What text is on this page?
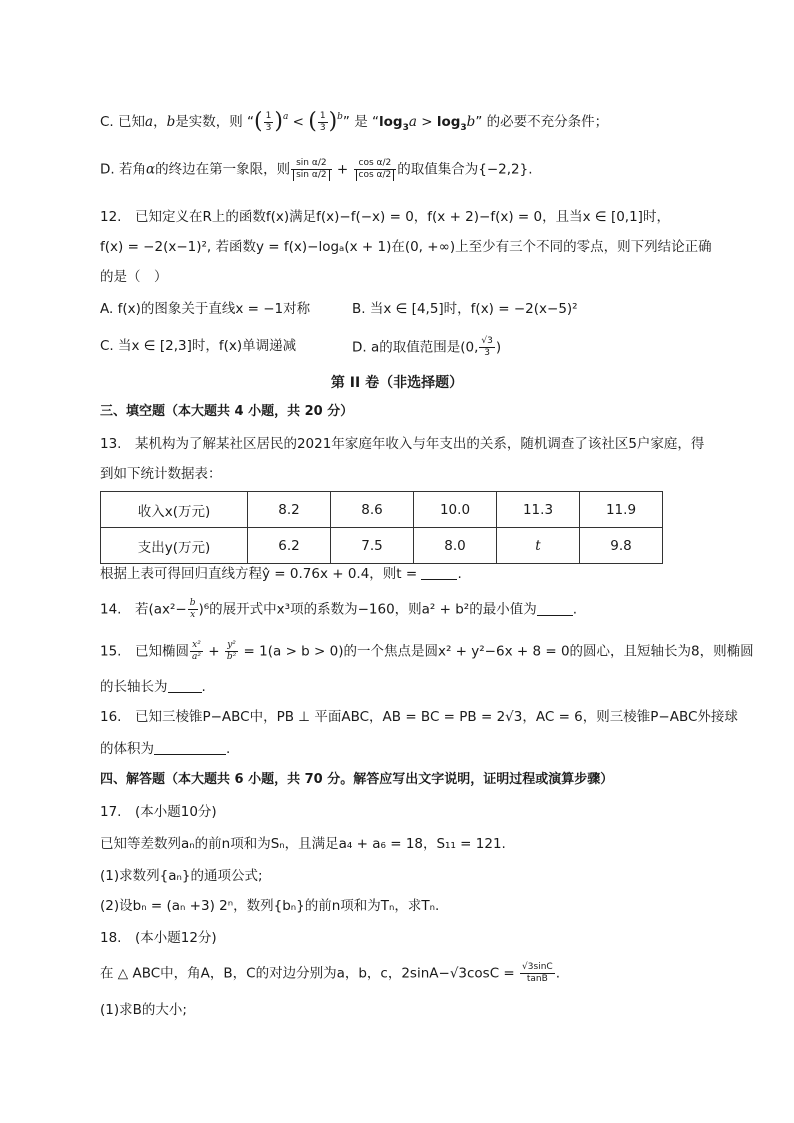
C. 已知a，b是实数，则 “( $\frac{1}{3} )^a$ < ( $\frac{1}{3} )^b$” 是 “$\log_3a > \log_3b$” 的必要不充分条件；
D. 若角α的终边在第一象限，则 $\frac{\text{sin α/2}}{\text{sin α/2}} + \frac{\text{cos α/2}}{\text{cos α/2}}$ 的取值集合为{−2,2}.
12.　已知定义在R上的函数f(x)满足f(x)−f(−x) = 0，f(x + 2)−f(x) = 0，且当x ∈ [0,1]时，
f(x) = −2(x−1)², 若函数y = f(x)−logₐ(x + 1)在(0, +∞)上至少有三个不同的零点，则下列结论正确
的是（　）
A. f(x)的图象关于直线x = −1对称	B. 当x ∈ [4,5]时，f(x) = −2(x−5)²
C. 当x ∈ [2,3]时，f(x)单调递减	D. a的取值范围是(0, $\frac{√3}{3}$ )
第 II 卷（非选择题）
三、填空题（本大题共 4 小题，共 20 分）
13.　某机构为了解某社区居民的2021年家庭年收入与年支出的关系，随机调查了该社区5户家庭，得
到如下统计数据表：
收入x(万元)	8.2	8.6	10.0	11.3	11.9
支出y(万元)	6.2	7.5	8.0	t	9.8
根据上表可得回归直线方程ŷ = 0.76x + 0.4，则t =	.
14.　若$(ax^2- \frac{b}{x} )^6$的展开式中x³项的系数为−160，则a² + b²的最小值为	.
15.　已知椭圆 $\frac{\text{x²}}{\text{a²}} + \frac{\text{y²}}{\text{b²}} = 1(a > b > 0)$的一个焦点是圆x² + y²−6x + 8 = 0的圆心，且短轴长为8，则椭圆
的长轴长为	.
16.　已知三棱锥P−ABC中，PB ⊥ 平面ABC，AB = BC = PB = 2√3，AC = 6，则三棱锥P−ABC外接球
的体积为	.
四、解答题（本大题共 6 小题，共 70 分。解答应写出文字说明，证明过程或演算步骤）
17.　(本小题10分)
已知等差数列aₙ的前n项和为Sₙ，且满足a₄ + a₆ = 18，S₁₁ = 121.
(1)求数列{aₙ}的通项公式;
(2)设bₙ = (aₙ +3) 2ⁿ，数列{bₙ}的前n项和为Tₙ，求Tₙ.
18.　(本小题12分)
在 △ ABC中，角A，B，C的对边分别为a，b，c，$2\sin A-√3\cos C = \frac{√3\sin C}{\tan B}$ .
(1)求B的大小;
